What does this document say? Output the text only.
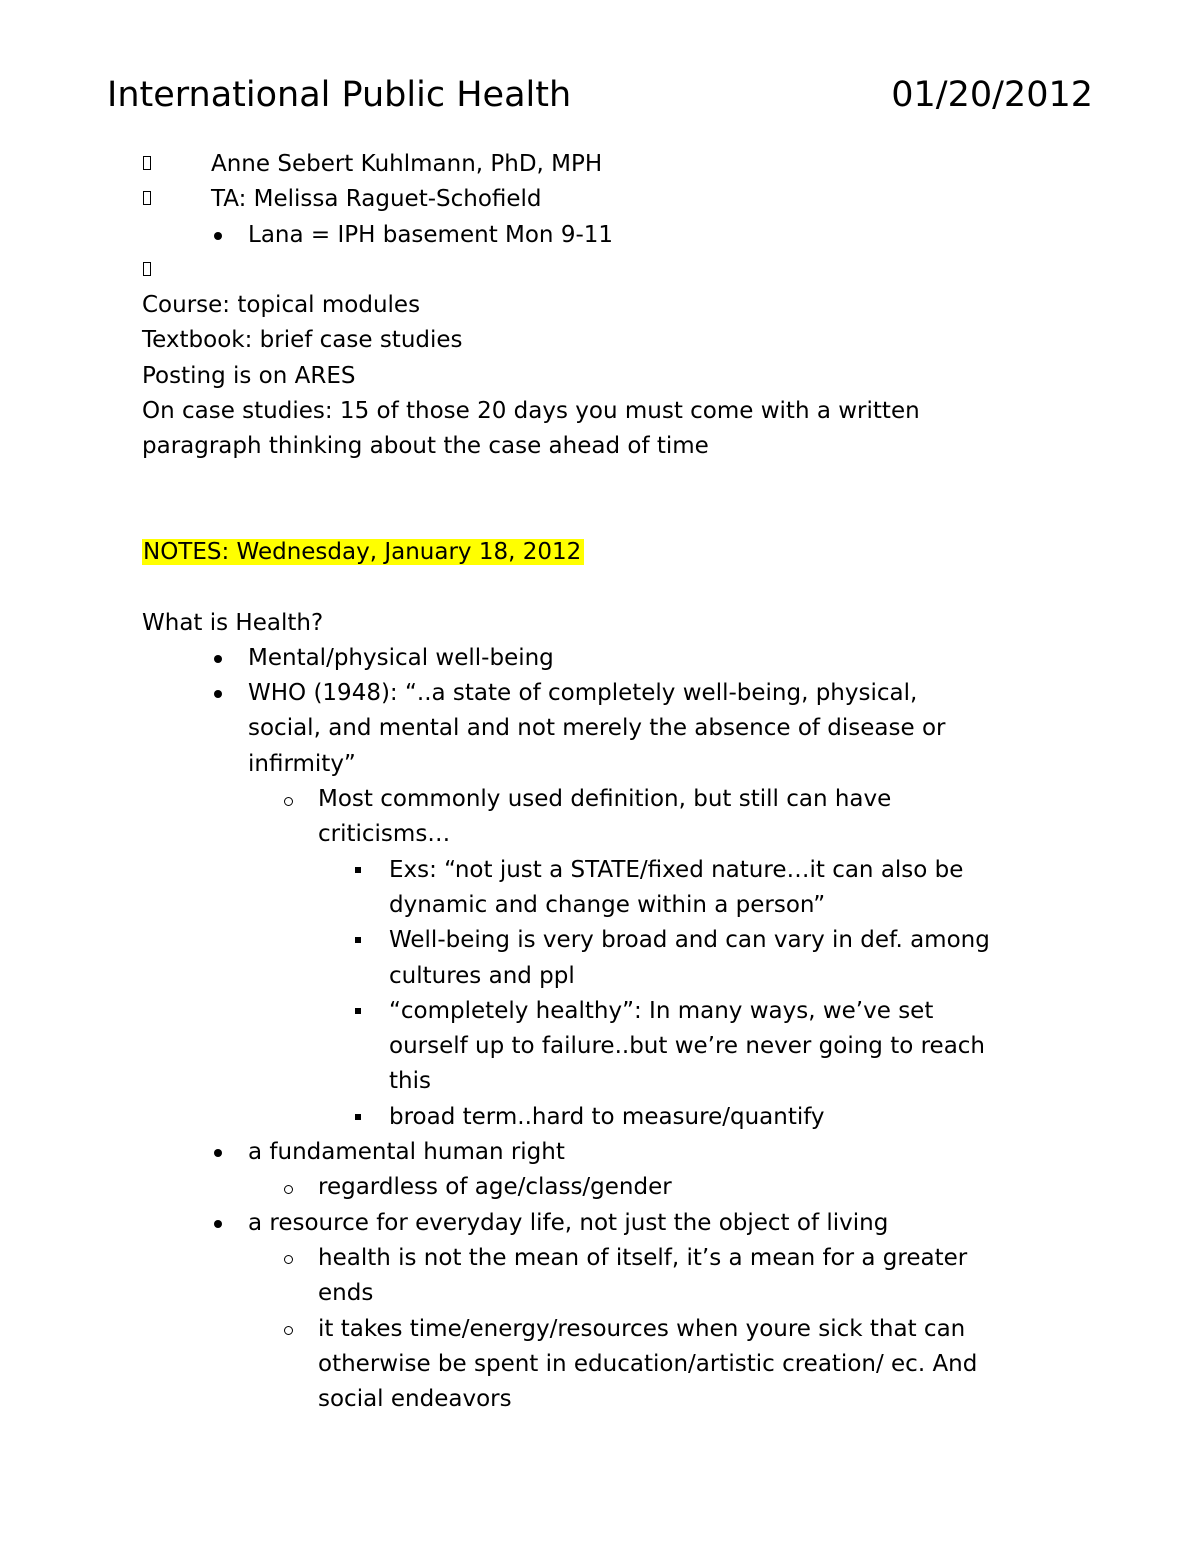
International Public Health	01/20/2012
Anne Sebert Kuhlmann, PhD, MPH
TA: Melissa Raguet-Schofield
Lana = IPH basement Mon 9-11
Course: topical modules
Textbook: brief case studies
Posting is on ARES
On case studies: 15 of those 20 days you must come with a written
paragraph thinking about the case ahead of time
NOTES: Wednesday, January 18, 2012
What is Health?
Mental/physical well-being
WHO (1948): “..a state of completely well-being, physical,
social, and mental and not merely the absence of disease or
infirmity”
Most commonly used definition, but still can have
criticisms…
Exs: “not just a STATE/fixed nature…it can also be
dynamic and change within a person”
Well-being is very broad and can vary in def. among
cultures and ppl
“completely healthy”: In many ways, we’ve set
ourself up to failure..but we’re never going to reach
this
broad term..hard to measure/quantify
a fundamental human right
regardless of age/class/gender
a resource for everyday life, not just the object of living
health is not the mean of itself, it’s a mean for a greater
ends
it takes time/energy/resources when youre sick that can
otherwise be spent in education/artistic creation/ ec. And
social endeavors
